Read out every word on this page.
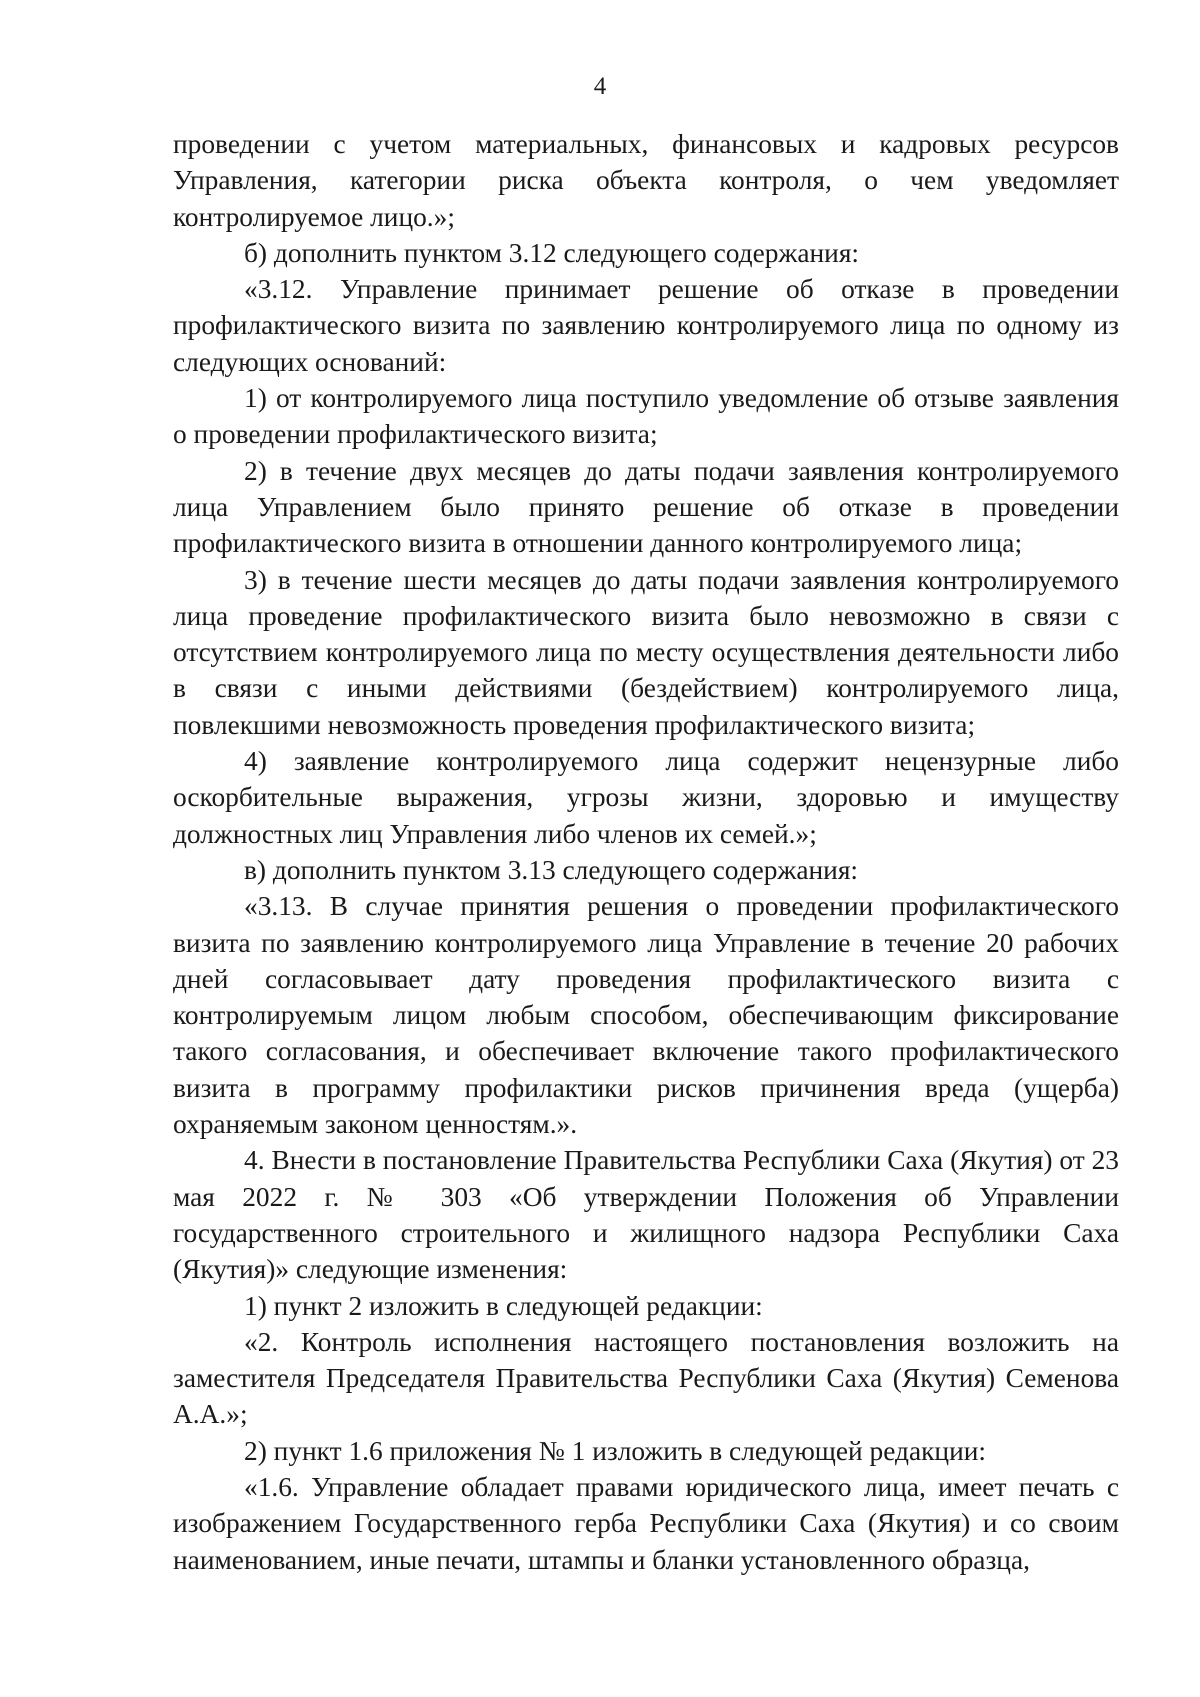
4

проведении с учетом материальных, финансовых и кадровых ресурсов Управления, категории риска объекта контроля, о чем уведомляет контролируемое лицо.»;

б) дополнить пунктом 3.12 следующего содержания:

«3.12. Управление принимает решение об отказе в проведении профилактического визита по заявлению контролируемого лица по одному из следующих оснований:

1) от контролируемого лица поступило уведомление об отзыве заявления о проведении профилактического визита;

2) в течение двух месяцев до даты подачи заявления контролируемого лица Управлением было принято решение об отказе в проведении профилактического визита в отношении данного контролируемого лица;

3) в течение шести месяцев до даты подачи заявления контролируемого лица проведение профилактического визита было невозможно в связи с отсутствием контролируемого лица по месту осуществления деятельности либо в связи с иными действиями (бездействием) контролируемого лица, повлекшими невозможность проведения профилактического визита;

4) заявление контролируемого лица содержит нецензурные либо оскорбительные выражения, угрозы жизни, здоровью и имуществу должностных лиц Управления либо членов их семей.»;

в) дополнить пунктом 3.13 следующего содержания:

«3.13. В случае принятия решения о проведении профилактического визита по заявлению контролируемого лица Управление в течение 20 рабочих дней согласовывает дату проведения профилактического визита с контролируемым лицом любым способом, обеспечивающим фиксирование такого согласования, и обеспечивает включение такого профилактического визита в программу профилактики рисков причинения вреда (ущерба) охраняемым законом ценностям.».

4. Внести в постановление Правительства Республики Саха (Якутия) от 23 мая 2022 г. № 303 «Об утверждении Положения об Управлении государственного строительного и жилищного надзора Республики Саха (Якутия)» следующие изменения:

1) пункт 2 изложить в следующей редакции:

«2. Контроль исполнения настоящего постановления возложить на заместителя Председателя Правительства Республики Саха (Якутия) Семенова А.А.»;

2) пункт 1.6 приложения № 1 изложить в следующей редакции:

«1.6. Управление обладает правами юридического лица, имеет печать с изображением Государственного герба Республики Саха (Якутия) и со своим наименованием, иные печати, штампы и бланки установленного образца,
